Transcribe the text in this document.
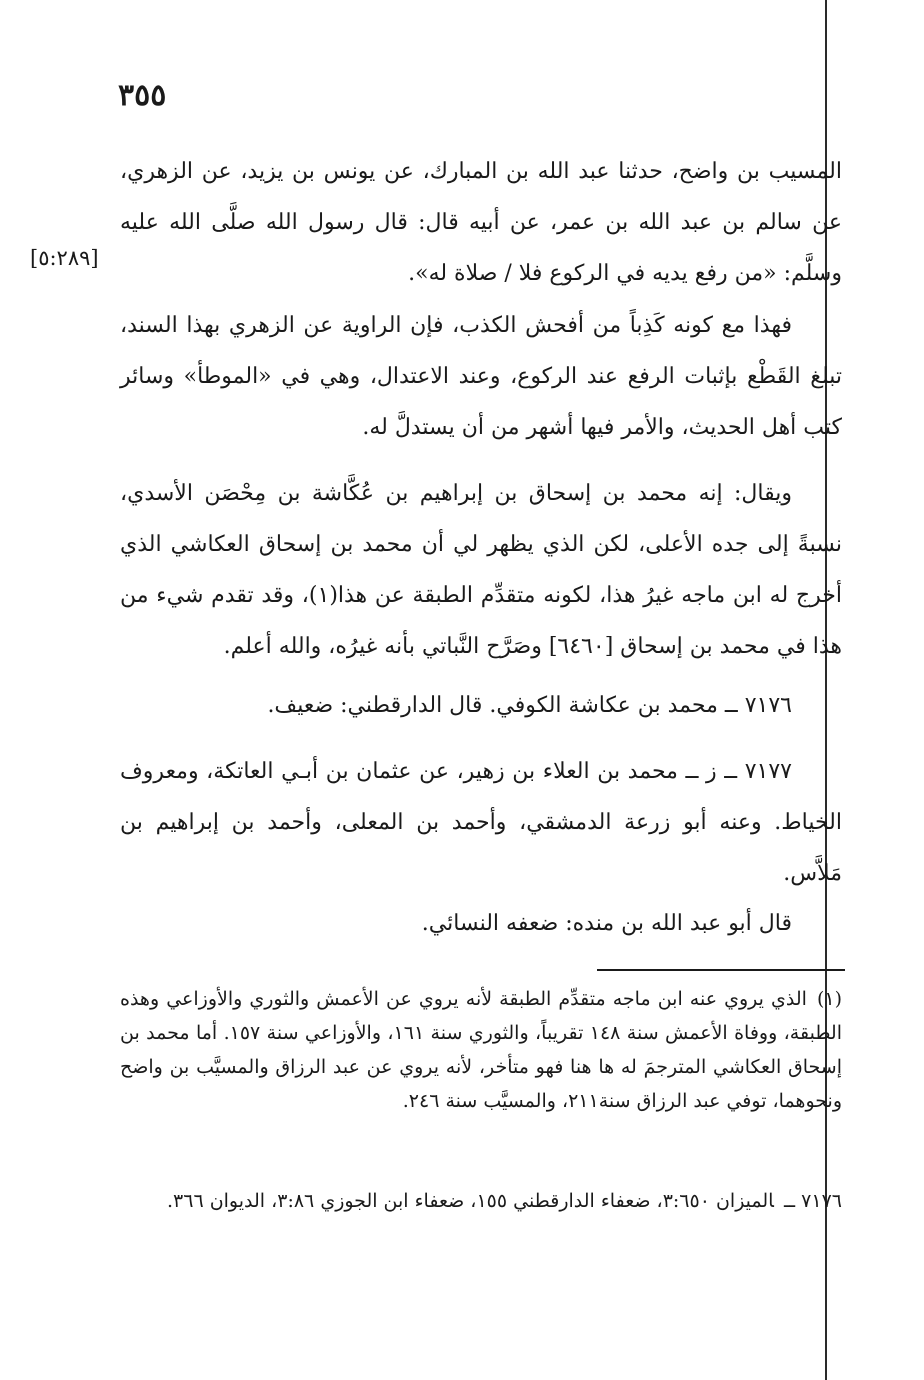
٣٥٥
[٥:٢٨٩]

المسيب بن واضح، حدثنا عبد الله بن المبارك، عن يونس بن يزيد، عن الزهري، عن سالم بن عبد الله بن عمر، عن أبيه قال: قال رسول الله صلَّى الله عليه وسلَّم: «من رفع يديه في الركوع فلا / صلاة له».

فهذا مع كونه كَذِباً من أفحش الكذب، فإن الراوية عن الزهري بهذا السند، تبلغ القَطْع بإثبات الرفع عند الركوع، وعند الاعتدال، وهي في «الموطأ» وسائر كتب أهل الحديث، والأمر فيها أشهر من أن يستدلَّ له.

ويقال: إنه محمد بن إسحاق بن إبراهيم بن عُكَّاشة بن مِحْصَن الأسدي، نسبةً إلى جده الأعلى، لكن الذي يظهر لي أن محمد بن إسحاق العكاشي الذي أخرج له ابن ماجه غيرُ هذا، لكونه متقدِّم الطبقة عن هذا(١)، وقد تقدم شيء من هذا في محمد بن إسحاق [٦٤٦٠] وصَرَّح النَّباتي بأنه غيرُه، والله أعلم.

٧١٧٦ ــ محمد بن عكاشة الكوفي. قال الدارقطني: ضعيف.

٧١٧٧ ــ ز ــ محمد بن العلاء بن زهير، عن عثمان بن أبـي العاتكة، ومعروف الخياط. وعنه أبو زرعة الدمشقي، وأحمد بن المعلى، وأحمد بن إبراهيم بن مَلاَّس.

قال أبو عبد الله بن منده: ضعفه النسائي.

(١)الذي يروي عنه ابن ماجه متقدِّم الطبقة لأنه يروي عن الأعمش والثوري والأوزاعي وهذه الطبقة، ووفاة الأعمش سنة ١٤٨ تقريباً، والثوري سنة ١٦١، والأوزاعي سنة ١٥٧. أما محمد بن إسحاق العكاشي المترجمَ له ها هنا فهو متأخر، لأنه يروي عن عبد الرزاق والمسيَّب بن واضح ونحوهما، توفي عبد الرزاق سنة٢١١، والمسيَّب سنة ٢٤٦.

٧١٧٦ ــالميزان ٣:٦٥٠، ضعفاء الدارقطني ١٥٥، ضعفاء ابن الجوزي ٣:٨٦، الديوان ٣٦٦.
